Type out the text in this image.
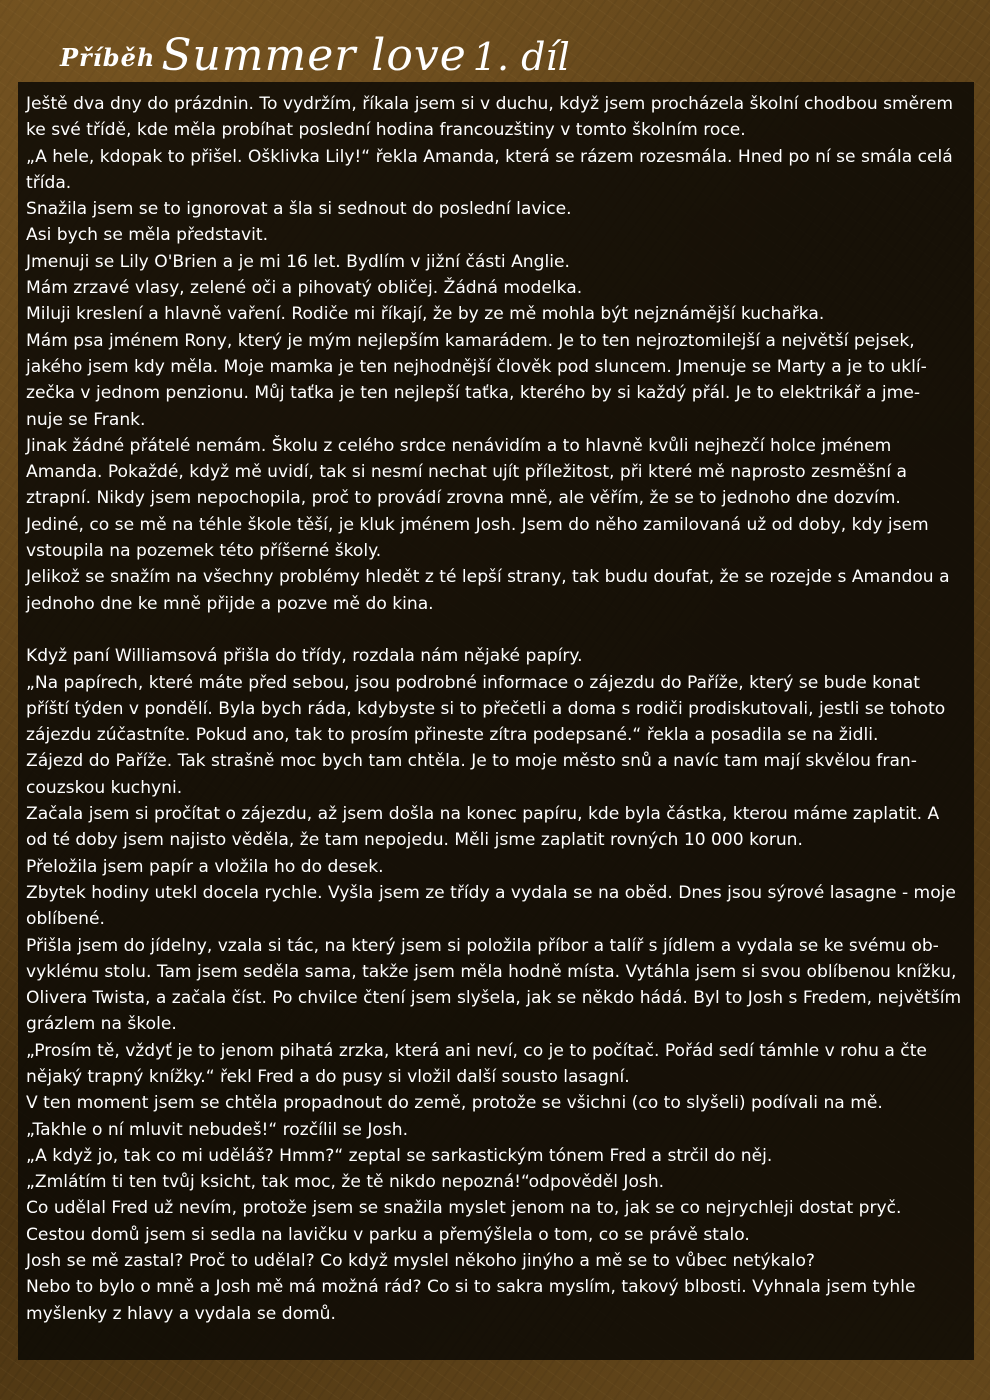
Příběh Summer love 1. díl

Ještě dva dny do prázdnin. To vydržím, říkala jsem si v duchu, když jsem procházela školní chodbou směrem ke své třídě, kde měla probíhat poslední hodina francouzštiny v tomto školním roce.

„A hele, kdopak to přišel. Ošklivka Lily!“ řekla Amanda, která se rázem rozesmála. Hned po ní se smála celá třída.

Snažila jsem se to ignorovat a šla si sednout do poslední lavice.

Asi bych se měla představit.

Jmenuji se Lily O'Brien a je mi 16 let. Bydlím v jižní části Anglie.

Mám zrzavé vlasy, zelené oči a pihovatý obličej. Žádná modelka.

Miluji kreslení a hlavně vaření. Rodiče mi říkají, že by ze mě mohla být nejznámější kuchařka.

Mám psa jménem Rony, který je mým nejlepším kamarádem. Je to ten nejroztomilejší a největší pejsek, jakého jsem kdy měla. Moje mamka je ten nejhodnější člověk pod sluncem. Jmenuje se Marty a je to uklí-
zečka v jednom penzionu. Můj taťka je ten nejlepší taťka, kterého by si každý přál. Je to elektrikář a jme-
nuje se Frank.

Jinak žádné přátelé nemám. Školu z celého srdce nenávidím a to hlavně kvůli nejhezčí holce jménem Amanda. Pokaždé, když mě uvidí, tak si nesmí nechat ujít příležitost, při které mě naprosto zesměšní a ztrapní. Nikdy jsem nepochopila, proč to provádí zrovna mně, ale věřím, že se to jednoho dne dozvím.

Jediné, co se mě na téhle škole těší, je kluk jménem Josh. Jsem do něho zamilovaná už od doby, kdy jsem vstoupila na pozemek této příšerné školy.

Jelikož se snažím na všechny problémy hledět z té lepší strany, tak budu doufat, že se rozejde s Amandou a jednoho dne ke mně přijde a pozve mě do kina.

Když paní Williamsová přišla do třídy, rozdala nám nějaké papíry.

„Na papírech, které máte před sebou, jsou podrobné informace o zájezdu do Paříže, který se bude konat příští týden v pondělí. Byla bych ráda, kdybyste si to přečetli a doma s rodiči prodiskutovali, jestli se tohoto zájezdu zúčastníte. Pokud ano, tak to prosím přineste zítra podepsané.“ řekla a posadila se na židli.

Zájezd do Paříže. Tak strašně moc bych tam chtěla. Je to moje město snů a navíc tam mají skvělou fran-
couzskou kuchyni.

Začala jsem si pročítat o zájezdu, až jsem došla na konec papíru, kde byla částka, kterou máme zaplatit. A od té doby jsem najisto věděla, že tam nepojedu. Měli jsme zaplatit rovných 10 000 korun.

Přeložila jsem papír a vložila ho do desek.

Zbytek hodiny utekl docela rychle. Vyšla jsem ze třídy a vydala se na oběd. Dnes jsou sýrové lasagne - moje oblíbené.

Přišla jsem do jídelny, vzala si tác, na který jsem si položila příbor a talíř s jídlem a vydala se ke svému ob-
vyklému stolu. Tam jsem seděla sama, takže jsem měla hodně místa. Vytáhla jsem si svou oblíbenou knížku, Olivera Twista, a začala číst. Po chvilce čtení jsem slyšela, jak se někdo hádá. Byl to Josh s Fredem, největším grázlem na škole.

„Prosím tě, vždyť je to jenom pihatá zrzka, která ani neví, co je to počítač. Pořád sedí támhle v rohu a čte nějaký trapný knížky.“ řekl Fred a do pusy si vložil další sousto lasagní.

V ten moment jsem se chtěla propadnout do země, protože se všichni (co to slyšeli) podívali na mě.

„Takhle o ní mluvit nebudeš!“ rozčílil se Josh.

„A když jo, tak co mi uděláš? Hmm?“ zeptal se sarkastickým tónem Fred a strčil do něj.

„Zmlátím ti ten tvůj ksicht, tak moc, že tě nikdo nepozná!“odpověděl Josh.

Co udělal Fred už nevím, protože jsem se snažila myslet jenom na to, jak se co nejrychleji dostat pryč.

Cestou domů jsem si sedla na lavičku v parku a přemýšlela o tom, co se právě stalo.

Josh se mě zastal? Proč to udělal? Co když myslel někoho jinýho a mě se to vůbec netýkalo?

Nebo to bylo o mně a Josh mě má možná rád? Co si to sakra myslím, takový blbosti. Vyhnala jsem tyhle myšlenky z hlavy a vydala se domů.
